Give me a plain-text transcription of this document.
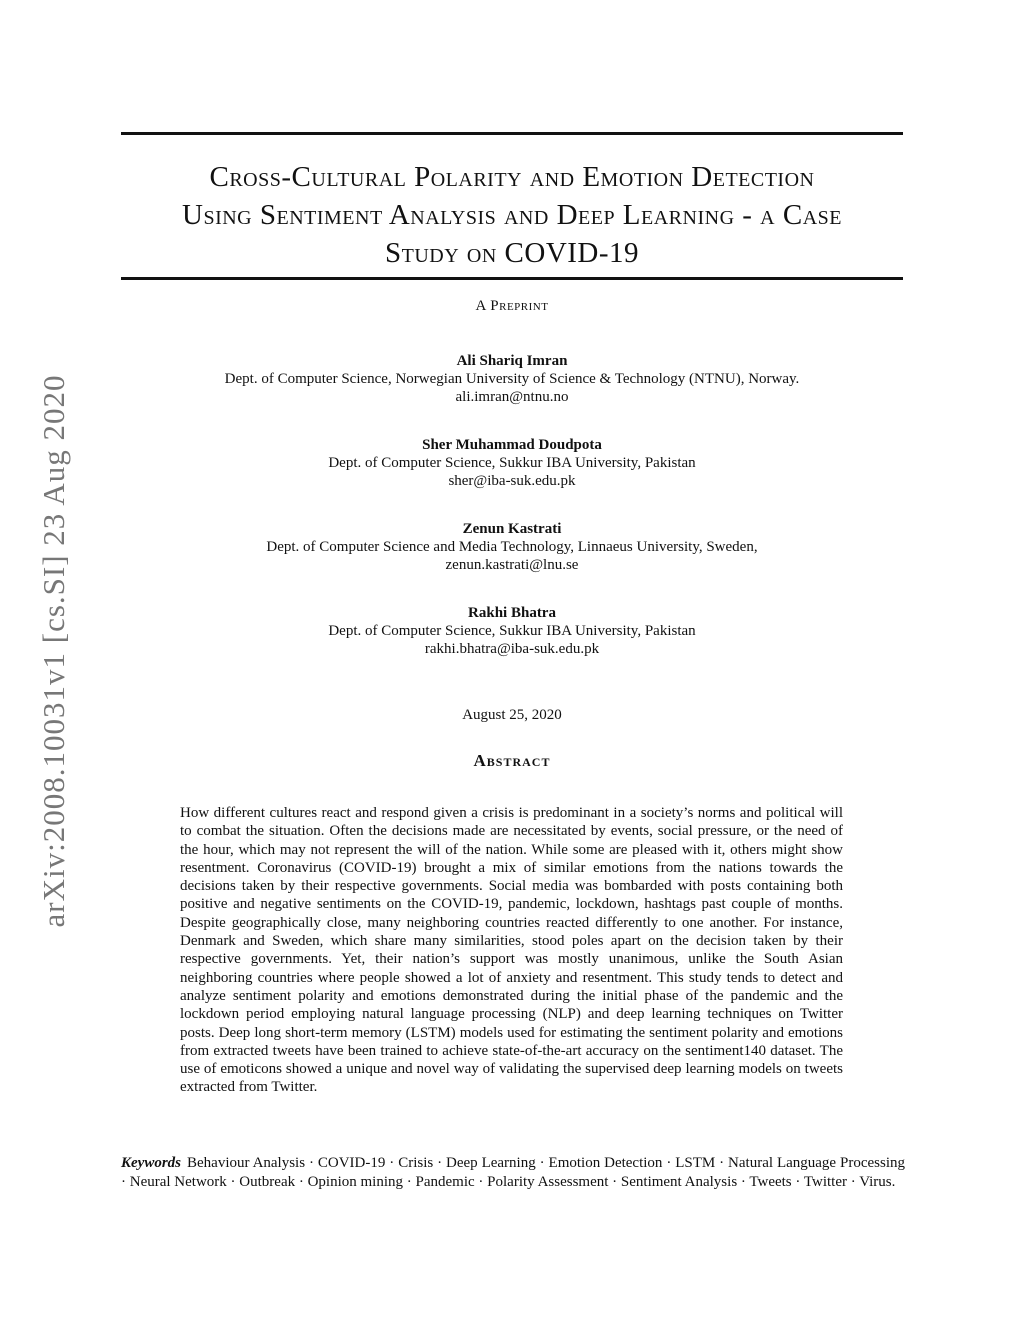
arXiv:2008.10031v1 [cs.SI] 23 Aug 2020
Cross-Cultural Polarity and Emotion Detection
Using Sentiment Analysis and Deep Learning - a Case
Study on COVID-19
A Preprint
Ali Shariq Imran
Dept. of Computer Science, Norwegian University of Science & Technology (NTNU), Norway.
ali.imran@ntnu.no
Sher Muhammad Doudpota
Dept. of Computer Science, Sukkur IBA University, Pakistan
sher@iba-suk.edu.pk
Zenun Kastrati
Dept. of Computer Science and Media Technology, Linnaeus University, Sweden,
zenun.kastrati@lnu.se
Rakhi Bhatra
Dept. of Computer Science, Sukkur IBA University, Pakistan
rakhi.bhatra@iba-suk.edu.pk
August 25, 2020
Abstract
How different cultures react and respond given a crisis is predominant in a society’s norms and political will to combat the situation. Often the decisions made are necessitated by events, social pressure, or the need of the hour, which may not represent the will of the nation. While some are pleased with it, others might show resentment. Coronavirus (COVID-19) brought a mix of similar emotions from the nations towards the decisions taken by their respective governments. Social media was bombarded with posts containing both positive and negative sentiments on the COVID-19, pandemic, lockdown, hashtags past couple of months. Despite geographically close, many neighboring countries reacted differently to one another. For instance, Denmark and Sweden, which share many similarities, stood poles apart on the decision taken by their respective governments. Yet, their nation’s support was mostly unanimous, unlike the South Asian neighboring countries where people showed a lot of anxiety and resentment. This study tends to detect and analyze sentiment polarity and emotions demonstrated during the initial phase of the pandemic and the lockdown period employing natural language processing (NLP) and deep learning techniques on Twitter posts. Deep long short-term memory (LSTM) models used for estimating the sentiment polarity and emotions from extracted tweets have been trained to achieve state-of-the-art accuracy on the sentiment140 dataset. The use of emoticons showed a unique and novel way of validating the supervised deep learning models on tweets extracted from Twitter.
Keywords Behaviour Analysis · COVID-19 · Crisis · Deep Learning · Emotion Detection · LSTM · Natural Language Processing · Neural Network · Outbreak · Opinion mining · Pandemic · Polarity Assessment · Sentiment Analysis · Tweets · Twitter · Virus.
